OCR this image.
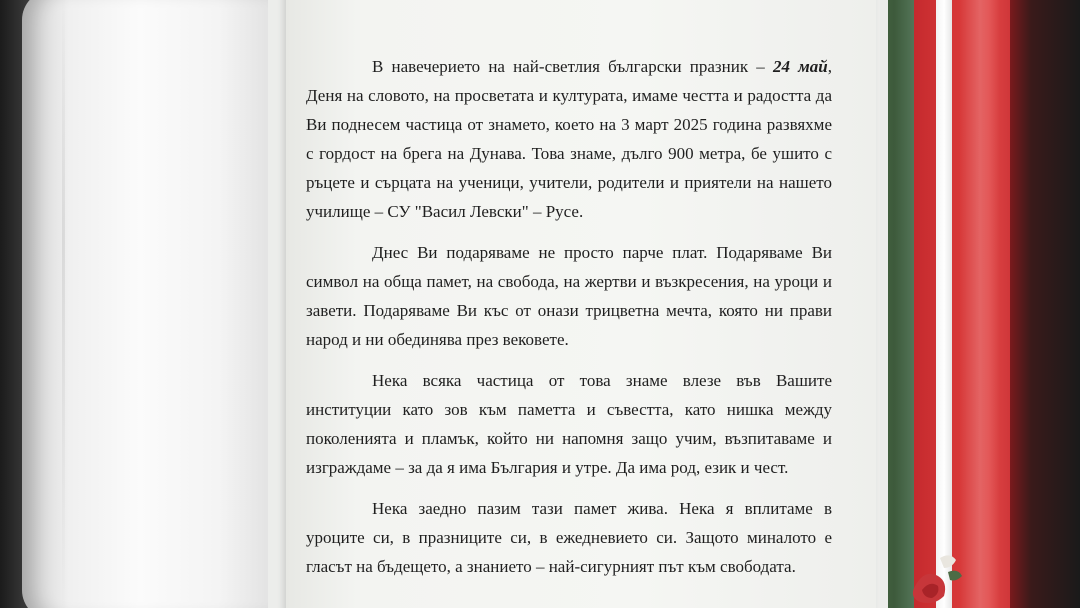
В навечерието на най-светлия български празник – 24 май, Деня на словото, на просветата и културата, имаме честта и радостта да Ви поднесем частица от знамето, което на 3 март 2025 година развяхме с гордост на брега на Дунава. Това знаме, дълго 900 метра, бе ушито с ръцете и сърцата на ученици, учители, родители и приятели на нашето училище – СУ "Васил Левски" – Русе.

Днес Ви подаряваме не просто парче плат. Подаряваме Ви символ на обща памет, на свобода, на жертви и възкресения, на уроци и завети. Подаряваме Ви къс от онази трицветна мечта, която ни прави народ и ни обединява през вековете.

Нека всяка частица от това знаме влезе във Вашите институции като зов към паметта и съвестта, като нишка между поколенията и пламък, който ни напомня защо учим, възпитаваме и изграждаме – за да я има България и утре. Да има род, език и чест.

Нека заедно пазим тази памет жива. Нека я вплитаме в уроците си, в празниците си, в ежедневието си. Защото миналото е гласът на бъдещето, а знанието – най-сигурният път към свободата.
